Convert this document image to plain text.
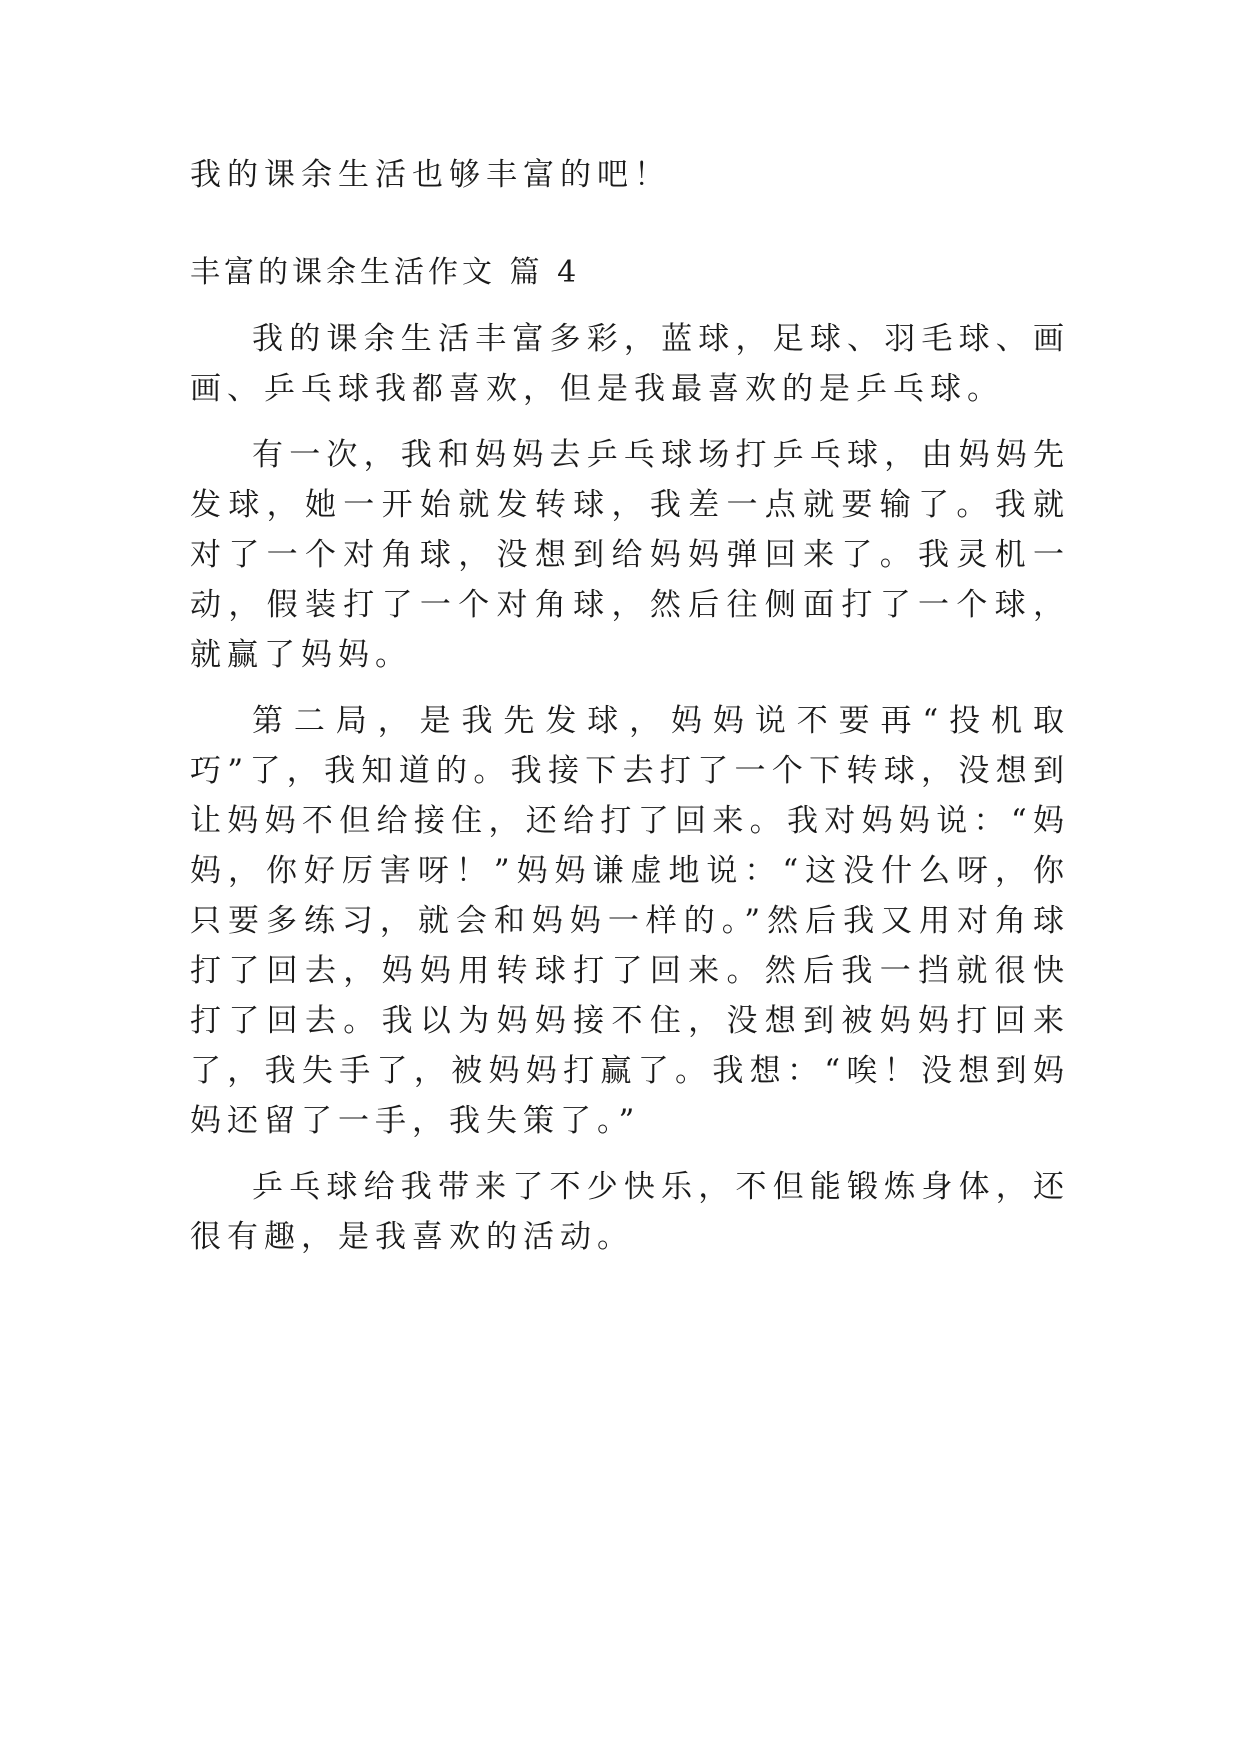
我的课余生活也够丰富的吧！

丰富的课余生活作文 篇 4

我的课余生活丰富多彩，蓝球，足球、羽毛球、画画、乒乓球我都喜欢，但是我最喜欢的是乒乓球。

有一次，我和妈妈去乒乓球场打乒乓球，由妈妈先发球，她一开始就发转球，我差一点就要输了。我就对了一个对角球，没想到给妈妈弹回来了。我灵机一动，假装打了一个对角球，然后往侧面打了一个球，就赢了妈妈。

第二局，是我先发球，妈妈说不要再“投机取巧”了，我知道的。我接下去打了一个下转球，没想到让妈妈不但给接住，还给打了回来。我对妈妈说：“妈妈，你好厉害呀！”妈妈谦虚地说：“这没什么呀，你只要多练习，就会和妈妈一样的。”然后我又用对角球打了回去，妈妈用转球打了回来。然后我一挡就很快打了回去。我以为妈妈接不住，没想到被妈妈打回来了，我失手了，被妈妈打赢了。我想：“唉！没想到妈妈还留了一手，我失策了。”

乒乓球给我带来了不少快乐，不但能锻炼身体，还很有趣，是我喜欢的活动。
